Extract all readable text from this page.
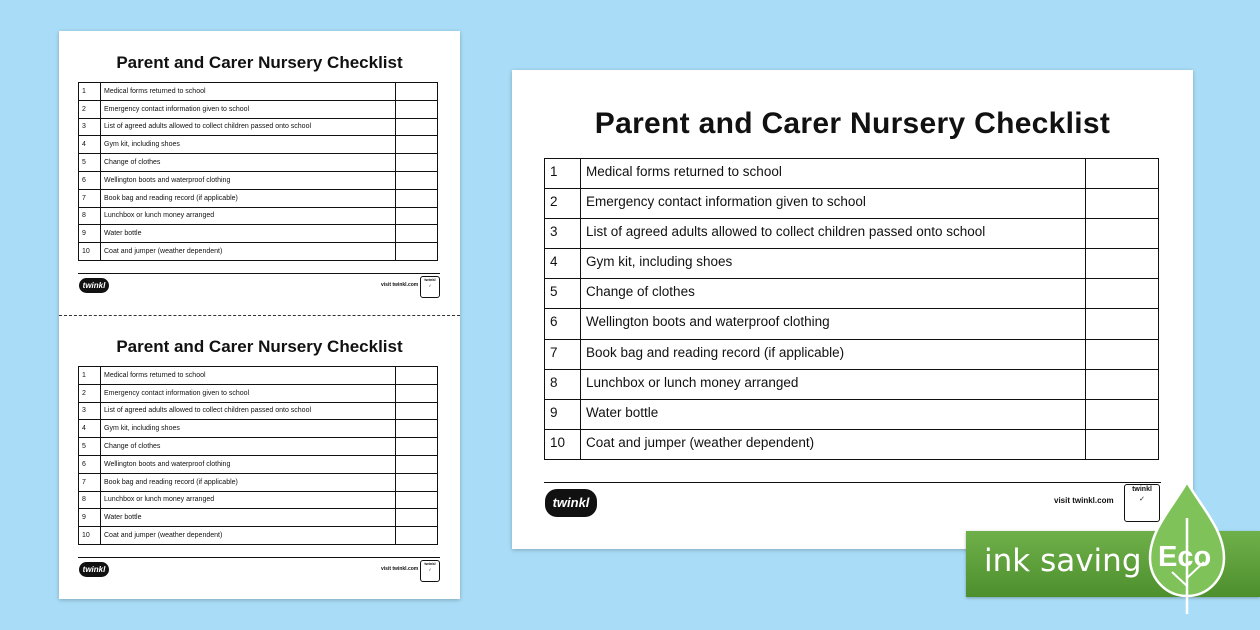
Parent and Carer Nursery Checklist
1	Medical forms returned to school	
2	Emergency contact information given to school	
3	List of agreed adults allowed to collect children passed onto school	
4	Gym kit, including shoes	
5	Change of clothes	
6	Wellington boots and waterproof clothing	
7	Book bag and reading record (if applicable)	
8	Lunchbox or lunch money arranged	
9	Water bottle	
10	Coat and jumper (weather dependent)	
twinkl	visit twinkl.com
twinkl
✓
Parent and Carer Nursery Checklist
1	Medical forms returned to school	
2	Emergency contact information given to school	
3	List of agreed adults allowed to collect children passed onto school	
4	Gym kit, including shoes	
5	Change of clothes	
6	Wellington boots and waterproof clothing	
7	Book bag and reading record (if applicable)	
8	Lunchbox or lunch money arranged	
9	Water bottle	
10	Coat and jumper (weather dependent)	
twinkl	visit twinkl.com
twinkl
✓
Parent and Carer Nursery Checklist
1	Medical forms returned to school	
2	Emergency contact information given to school	
3	List of agreed adults allowed to collect children passed onto school	
4	Gym kit, including shoes	
5	Change of clothes	
6	Wellington boots and waterproof clothing	
7	Book bag and reading record (if applicable)	
8	Lunchbox or lunch money arranged	
9	Water bottle	
10	Coat and jumper (weather dependent)	
twinkl	visit twinkl.com
twinkl
✓
ink saving Eco
